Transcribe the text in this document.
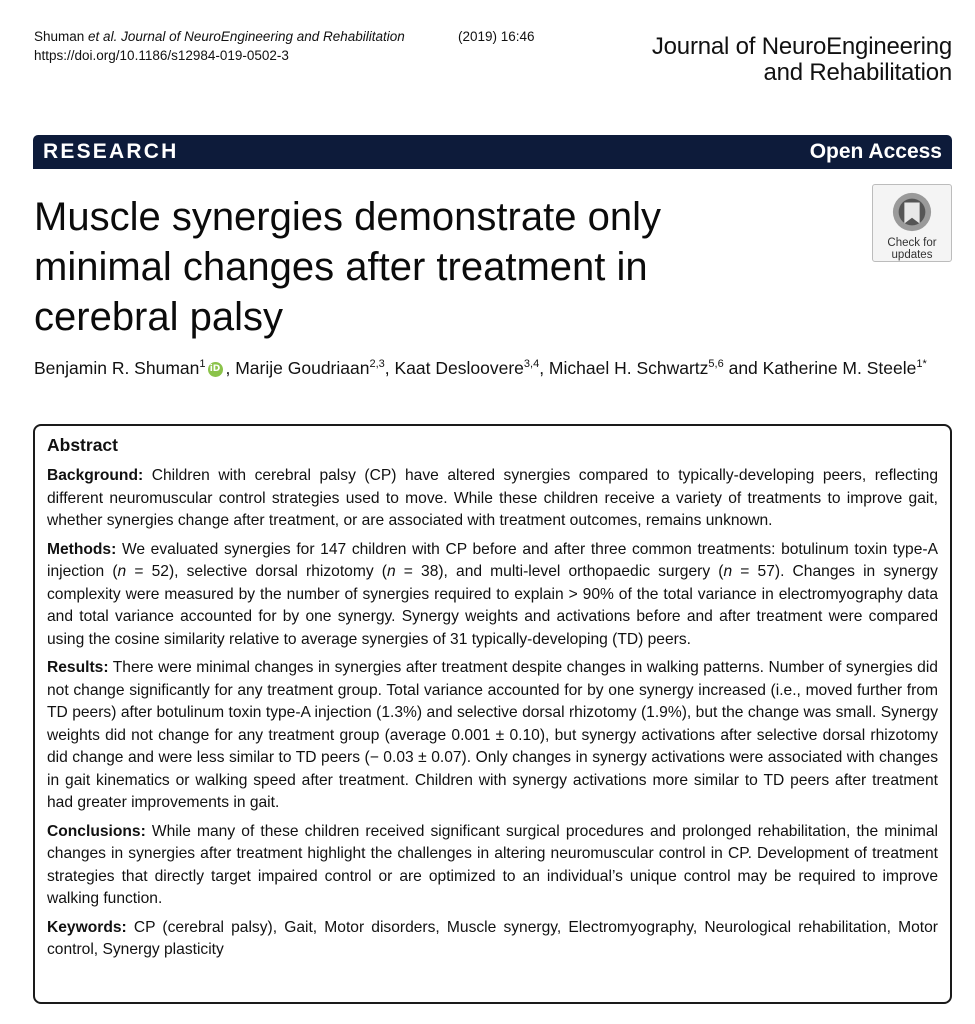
Shuman et al. Journal of NeuroEngineering and Rehabilitation	(2019) 16:46
https://doi.org/10.1186/s12984-019-0502-3	Journal of NeuroEngineering
and Rehabilitation
RESEARCH	Open Access
Muscle synergies demonstrate only minimal changes after treatment in cerebral palsy
Check for
updates
Benjamin R. Shuman$^1$ iD , Marije Goudriaan$^{2,3}$, Kaat Desloovere$^{3,4}$, Michael H. Schwartz$^{5,6}$ and Katherine M. Steele$^{1*}$
Abstract

Background: Children with cerebral palsy (CP) have altered synergies compared to typically-developing peers, reflecting different neuromuscular control strategies used to move. While these children receive a variety of treatments to improve gait, whether synergies change after treatment, or are associated with treatment outcomes, remains unknown.

Methods: We evaluated synergies for 147 children with CP before and after three common treatments: botulinum toxin type-A injection (n = 52), selective dorsal rhizotomy (n = 38), and multi-level orthopaedic surgery (n = 57). Changes in synergy complexity were measured by the number of synergies required to explain > 90% of the total variance in electromyography data and total variance accounted for by one synergy. Synergy weights and activations before and after treatment were compared using the cosine similarity relative to average synergies of 31 typically-developing (TD) peers.

Results: There were minimal changes in synergies after treatment despite changes in walking patterns. Number of synergies did not change significantly for any treatment group. Total variance accounted for by one synergy increased (i.e., moved further from TD peers) after botulinum toxin type-A injection (1.3%) and selective dorsal rhizotomy (1.9%), but the change was small. Synergy weights did not change for any treatment group (average 0.001 ± 0.10), but synergy activations after selective dorsal rhizotomy did change and were less similar to TD peers (− 0.03 ± 0.07). Only changes in synergy activations were associated with changes in gait kinematics or walking speed after treatment. Children with synergy activations more similar to TD peers after treatment had greater improvements in gait.

Conclusions: While many of these children received significant surgical procedures and prolonged rehabilitation, the minimal changes in synergies after treatment highlight the challenges in altering neuromuscular control in CP. Development of treatment strategies that directly target impaired control or are optimized to an individual’s unique control may be required to improve walking function.

Keywords: CP (cerebral palsy), Gait, Motor disorders, Muscle synergy, Electromyography, Neurological rehabilitation, Motor control, Synergy plasticity
